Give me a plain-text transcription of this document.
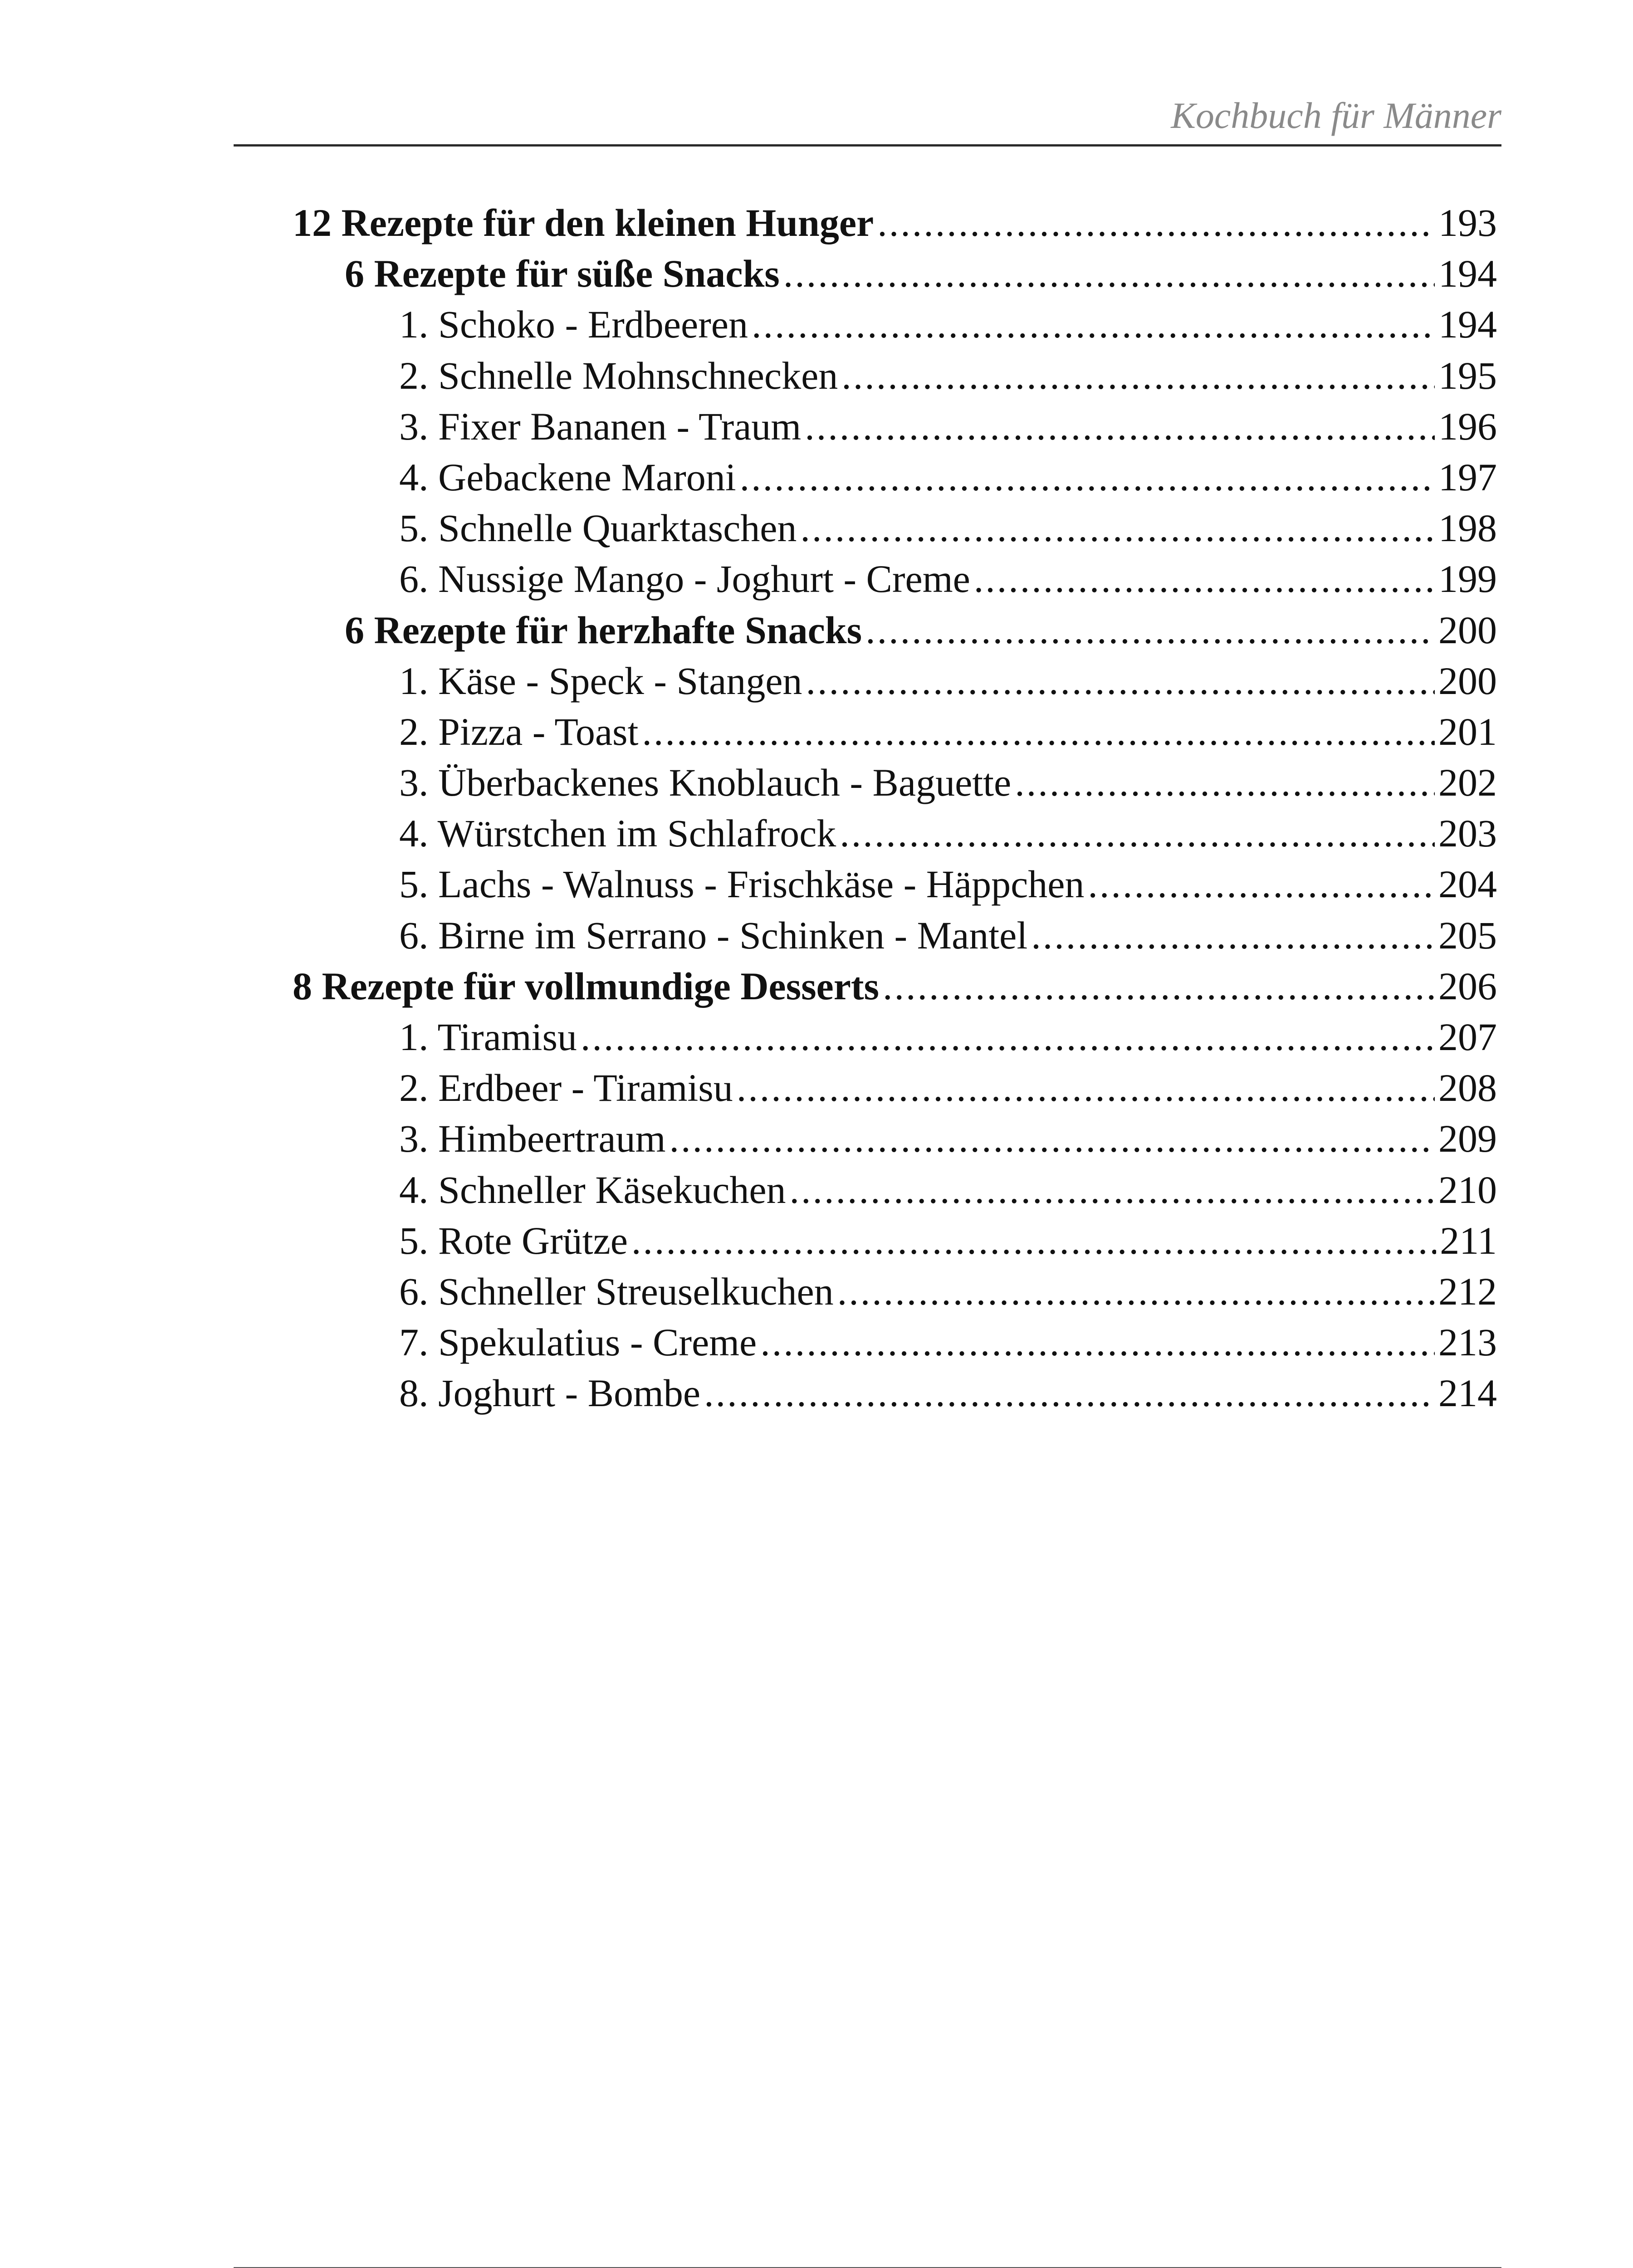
Kochbuch für Männer
12 Rezepte für den kleinen Hunger .....	193
6 Rezepte für süße Snacks .....	194
1. Schoko - Erdbeeren .....	194
2. Schnelle Mohnschnecken .....	195
3. Fixer Bananen - Traum .....	196
4. Gebackene Maroni .....	197
5. Schnelle Quarktaschen .....	198
6. Nussige Mango - Joghurt - Creme .....	199
6 Rezepte für herzhafte Snacks .....	200
1. Käse - Speck - Stangen .....	200
2. Pizza - Toast .....	201
3. Überbackenes Knoblauch - Baguette .....	202
4. Würstchen im Schlafrock .....	203
5. Lachs - Walnuss - Frischkäse - Häppchen .....	204
6. Birne im Serrano - Schinken - Mantel .....	205
8 Rezepte für vollmundige Desserts .....	206
1. Tiramisu .....	207
2. Erdbeer - Tiramisu .....	208
3. Himbeertraum .....	209
4. Schneller Käsekuchen .....	210
5. Rote Grütze .....	211
6. Schneller Streuselkuchen .....	212
7. Spekulatius - Creme .....	213
8. Joghurt - Bombe .....	214
